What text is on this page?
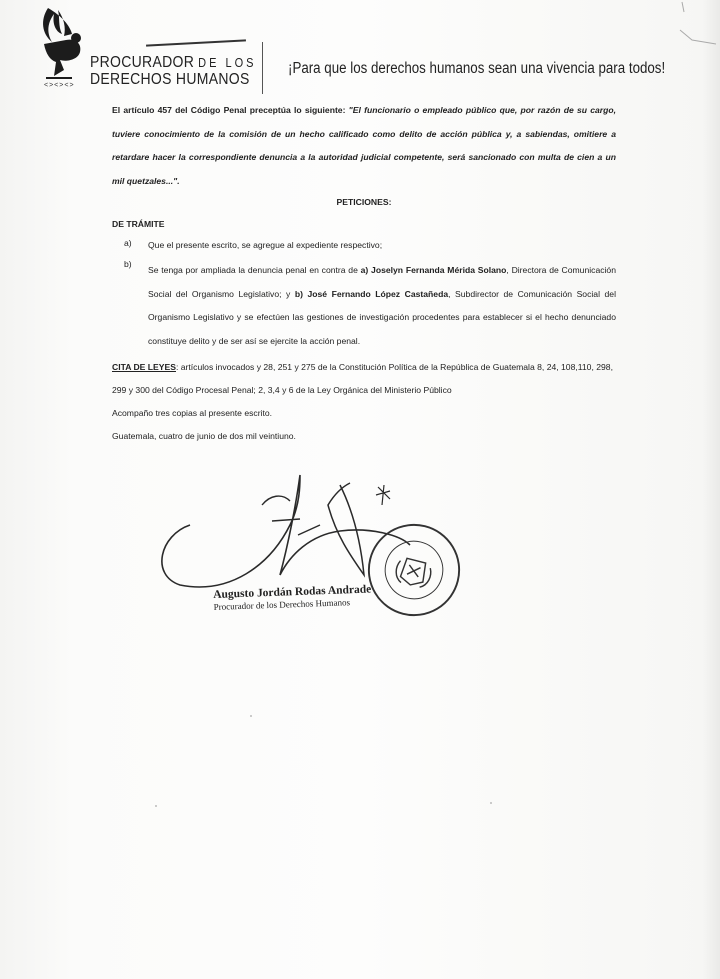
<><><>
PROCURADOR DE LOS
DERECHOS HUMANOS
¡Para que los derechos humanos sean una vivencia para todos!
El artículo 457 del Código Penal preceptúa lo siguiente: "El funcionario o empleado público que, por razón de su cargo, tuviere conocimiento de la comisión de un hecho calificado como delito de acción pública y, a sabiendas, omitiere a retardare hacer la correspondiente denuncia a la autoridad judicial competente, será sancionado con multa de cien a un mil quetzales...".
PETICIONES:
DE TRÁMITE
a)	Que el presente escrito, se agregue al expediente respectivo;
b)
Se tenga por ampliada la denuncia penal en contra de a) Joselyn Fernanda Mérida Solano, Directora de Comunicación Social del Organismo Legislativo; y b) José Fernando López Castañeda, Subdirector de Comunicación Social del Organismo Legislativo y se efectúen las gestiones de investigación procedentes para establecer si el hecho denunciado constituye delito y de ser así se ejercite la acción penal.
CITA DE LEYES: artículos invocados y 28, 251 y 275 de la Constitución Política de la República de Guatemala 8, 24, 108,110, 298, 299 y 300 del Código Procesal Penal; 2, 3,4 y 6 de la Ley Orgánica del Ministerio Público
Acompaño tres copias al presente escrito.
Guatemala, cuatro de junio de dos mil veintiuno.
Augusto Jordán Rodas Andrade
Procurador de los Derechos Humanos
